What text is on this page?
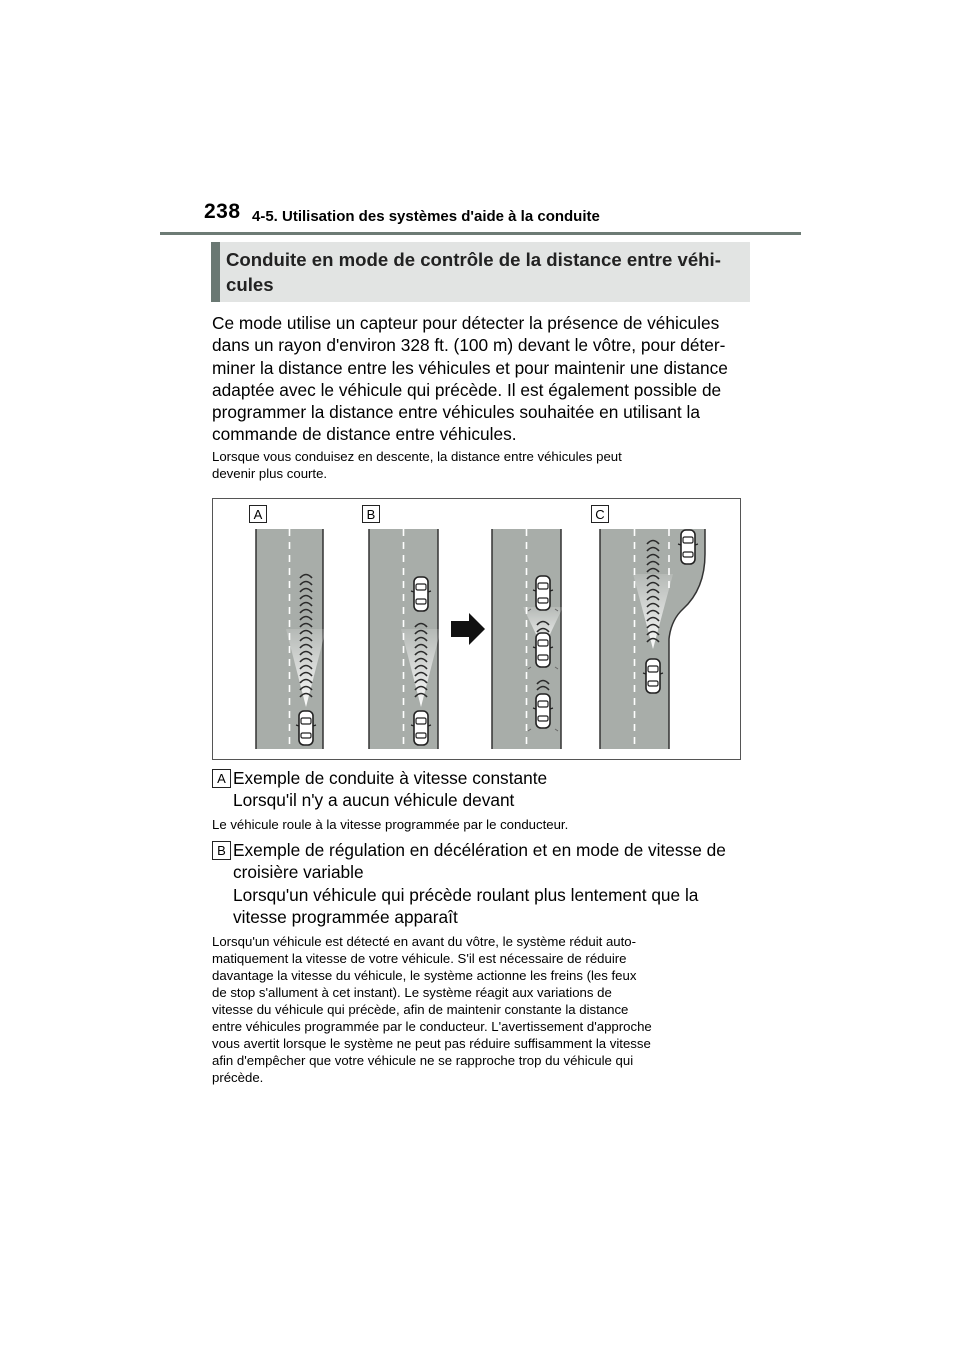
238 4-5. Utilisation des systèmes d'aide à la conduite
Conduite en mode de contrôle de la distance entre véhi-
cules
Ce mode utilise un capteur pour détecter la présence de véhicules
dans un rayon d'environ 328 ft. (100 m) devant le vôtre, pour déter-
miner la distance entre les véhicules et pour maintenir une distance
adaptée avec le véhicule qui précède. Il est également possible de
programmer la distance entre véhicules souhaitée en utilisant la
commande de distance entre véhicules.
Lorsque vous conduisez en descente, la distance entre véhicules peut
devenir plus courte.
A	B	C
A Exemple de conduite à vitesse constante
Lorsqu'il n'y a aucun véhicule devant
Le véhicule roule à la vitesse programmée par le conducteur.
B Exemple de régulation en décélération et en mode de vitesse de
croisière variable
Lorsqu'un véhicule qui précède roulant plus lentement que la
vitesse programmée apparaît
Lorsqu'un véhicule est détecté en avant du vôtre, le système réduit auto-
matiquement la vitesse de votre véhicule. S'il est nécessaire de réduire
davantage la vitesse du véhicule, le système actionne les freins (les feux
de stop s'allument à cet instant). Le système réagit aux variations de
vitesse du véhicule qui précède, afin de maintenir constante la distance
entre véhicules programmée par le conducteur. L'avertissement d'approche
vous avertit lorsque le système ne peut pas réduire suffisamment la vitesse
afin d'empêcher que votre véhicule ne se rapproche trop du véhicule qui
précède.
